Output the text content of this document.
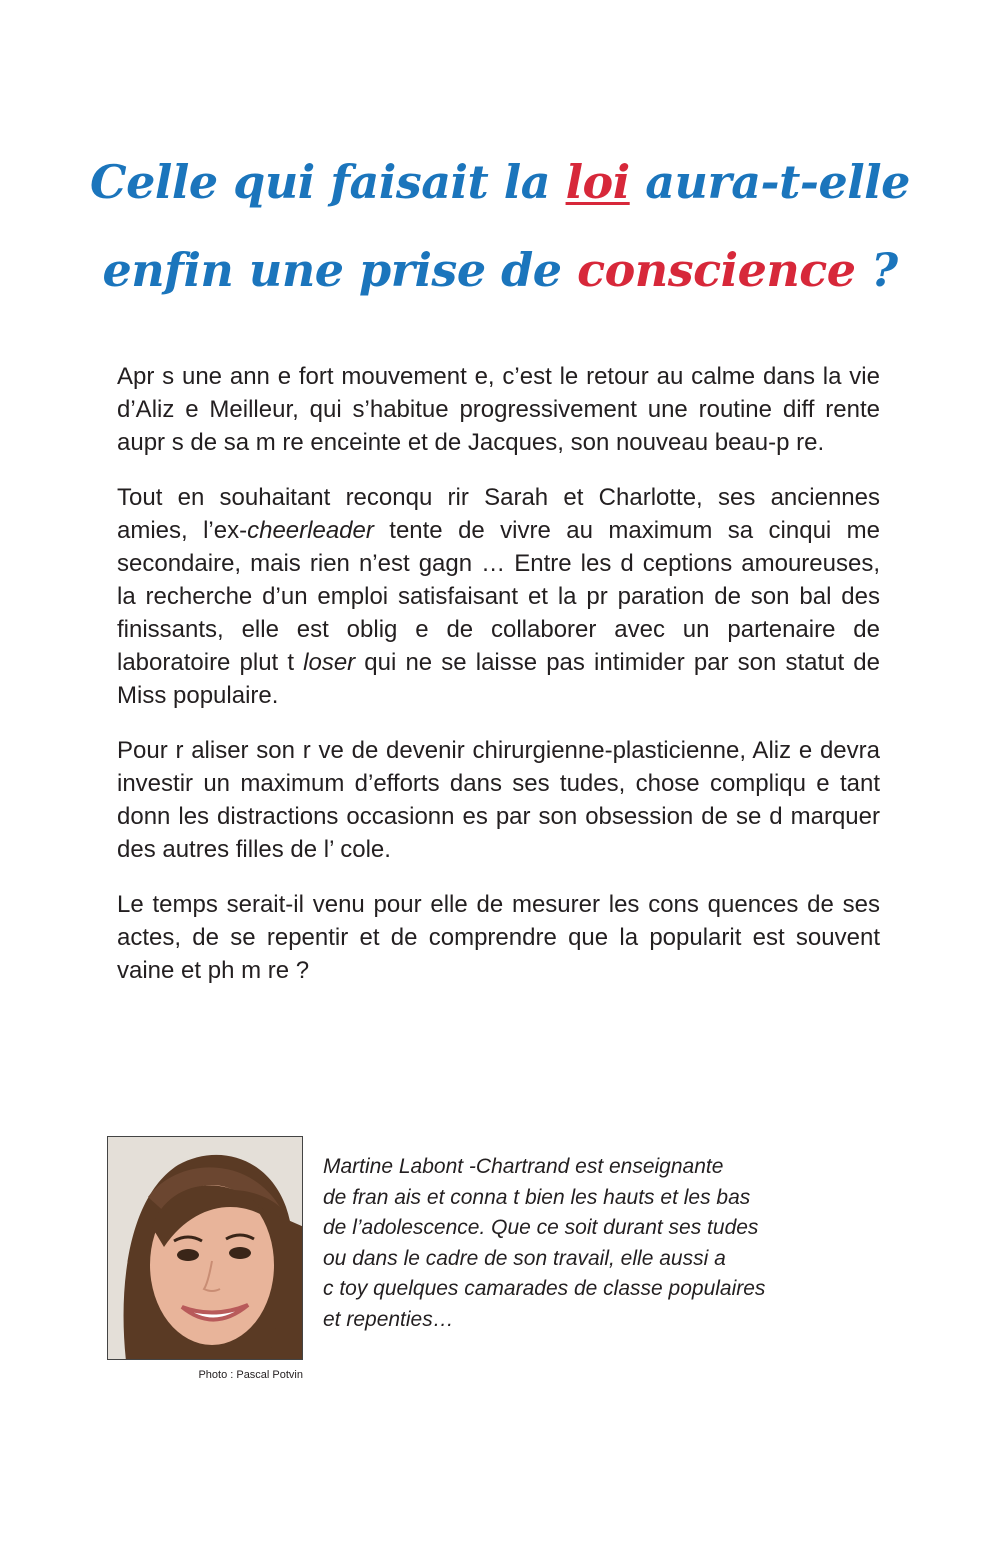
Celle qui faisait la loi aura-t-elle enfin une prise de conscience ?

Apr s une ann e fort mouvement e, c’est le retour au calme dans la vie d’Aliz e Meilleur, qui s’habitue progressivement une routine diff rente aupr s de sa m re enceinte et de Jacques, son nouveau beau-p re.

Tout en souhaitant reconqu rir Sarah et Charlotte, ses anciennes amies, l’ex-cheerleader tente de vivre au maximum sa cinqui me secondaire, mais rien n’est gagn … Entre les d ceptions amoureuses, la recherche d’un emploi satisfaisant et la pr paration de son bal des finissants, elle est oblig e de collaborer avec un partenaire de laboratoire plut t loser qui ne se laisse pas intimider par son statut de Miss populaire.

Pour r aliser son r ve de devenir chirurgienne-plasticienne, Aliz e devra investir un maximum d’efforts dans ses tudes, chose compliqu e tant donn les distractions occasionn es par son obsession de se d marquer des autres filles de l’ cole.

Le temps serait-il venu pour elle de mesurer les cons quences de ses actes, de se repentir et de comprendre que la popularit est souvent vaine et ph m re ?

Photo : Pascal Potvin

Martine Labont -Chartrand est enseignante
de fran ais et conna t bien les hauts et les bas
de l’adolescence. Que ce soit durant ses tudes
ou dans le cadre de son travail, elle aussi a
c toy quelques camarades de classe populaires
et repenties…
